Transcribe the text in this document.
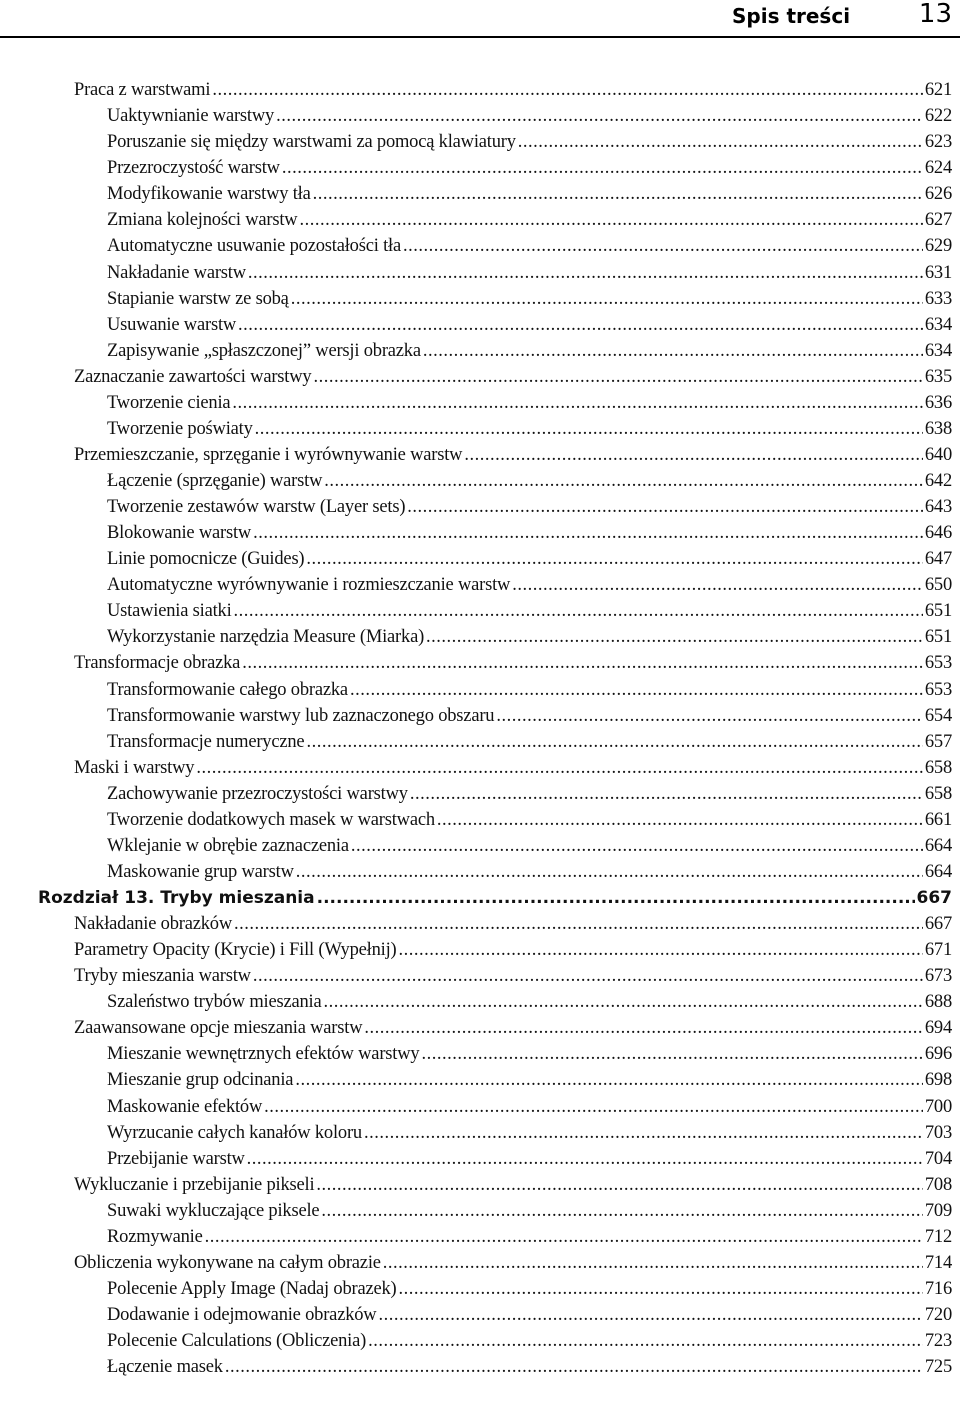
Spis treści	13
Praca z warstwami .....	621
Uaktywnianie warstwy .....	622
Poruszanie się między warstwami za pomocą klawiatury .....	623
Przezroczystość warstw .....	624
Modyfikowanie warstwy tła .....	626
Zmiana kolejności warstw .....	627
Automatyczne usuwanie pozostałości tła .....	629
Nakładanie warstw .....	631
Stapianie warstw ze sobą .....	633
Usuwanie warstw .....	634
Zapisywanie „spłaszczonej” wersji obrazka .....	634
Zaznaczanie zawartości warstwy .....	635
Tworzenie cienia .....	636
Tworzenie poświaty .....	638
Przemieszczanie, sprzęganie i wyrównywanie warstw .....	640
Łączenie (sprzęganie) warstw .....	642
Tworzenie zestawów warstw (Layer sets) .....	643
Blokowanie warstw .....	646
Linie pomocnicze (Guides) .....	647
Automatyczne wyrównywanie i rozmieszczanie warstw .....	650
Ustawienia siatki .....	651
Wykorzystanie narzędzia Measure (Miarka) .....	651
Transformacje obrazka .....	653
Transformowanie całego obrazka .....	653
Transformowanie warstwy lub zaznaczonego obszaru .....	654
Transformacje numeryczne .....	657
Maski i warstwy .....	658
Zachowywanie przezroczystości warstwy .....	658
Tworzenie dodatkowych masek w warstwach .....	661
Wklejanie w obrębie zaznaczenia .....	664
Maskowanie grup warstw .....	664
Rozdział 13. Tryby mieszania .....	667
Nakładanie obrazków .....	667
Parametry Opacity (Krycie) i Fill (Wypełnij) .....	671
Tryby mieszania warstw .....	673
Szaleństwo trybów mieszania .....	688
Zaawansowane opcje mieszania warstw .....	694
Mieszanie wewnętrznych efektów warstwy .....	696
Mieszanie grup odcinania .....	698
Maskowanie efektów .....	700
Wyrzucanie całych kanałów koloru .....	703
Przebijanie warstw .....	704
Wykluczanie i przebijanie pikseli .....	708
Suwaki wykluczające piksele .....	709
Rozmywanie .....	712
Obliczenia wykonywane na całym obrazie .....	714
Polecenie Apply Image (Nadaj obrazek) .....	716
Dodawanie i odejmowanie obrazków .....	720
Polecenie Calculations (Obliczenia) .....	723
Łączenie masek .....	725
